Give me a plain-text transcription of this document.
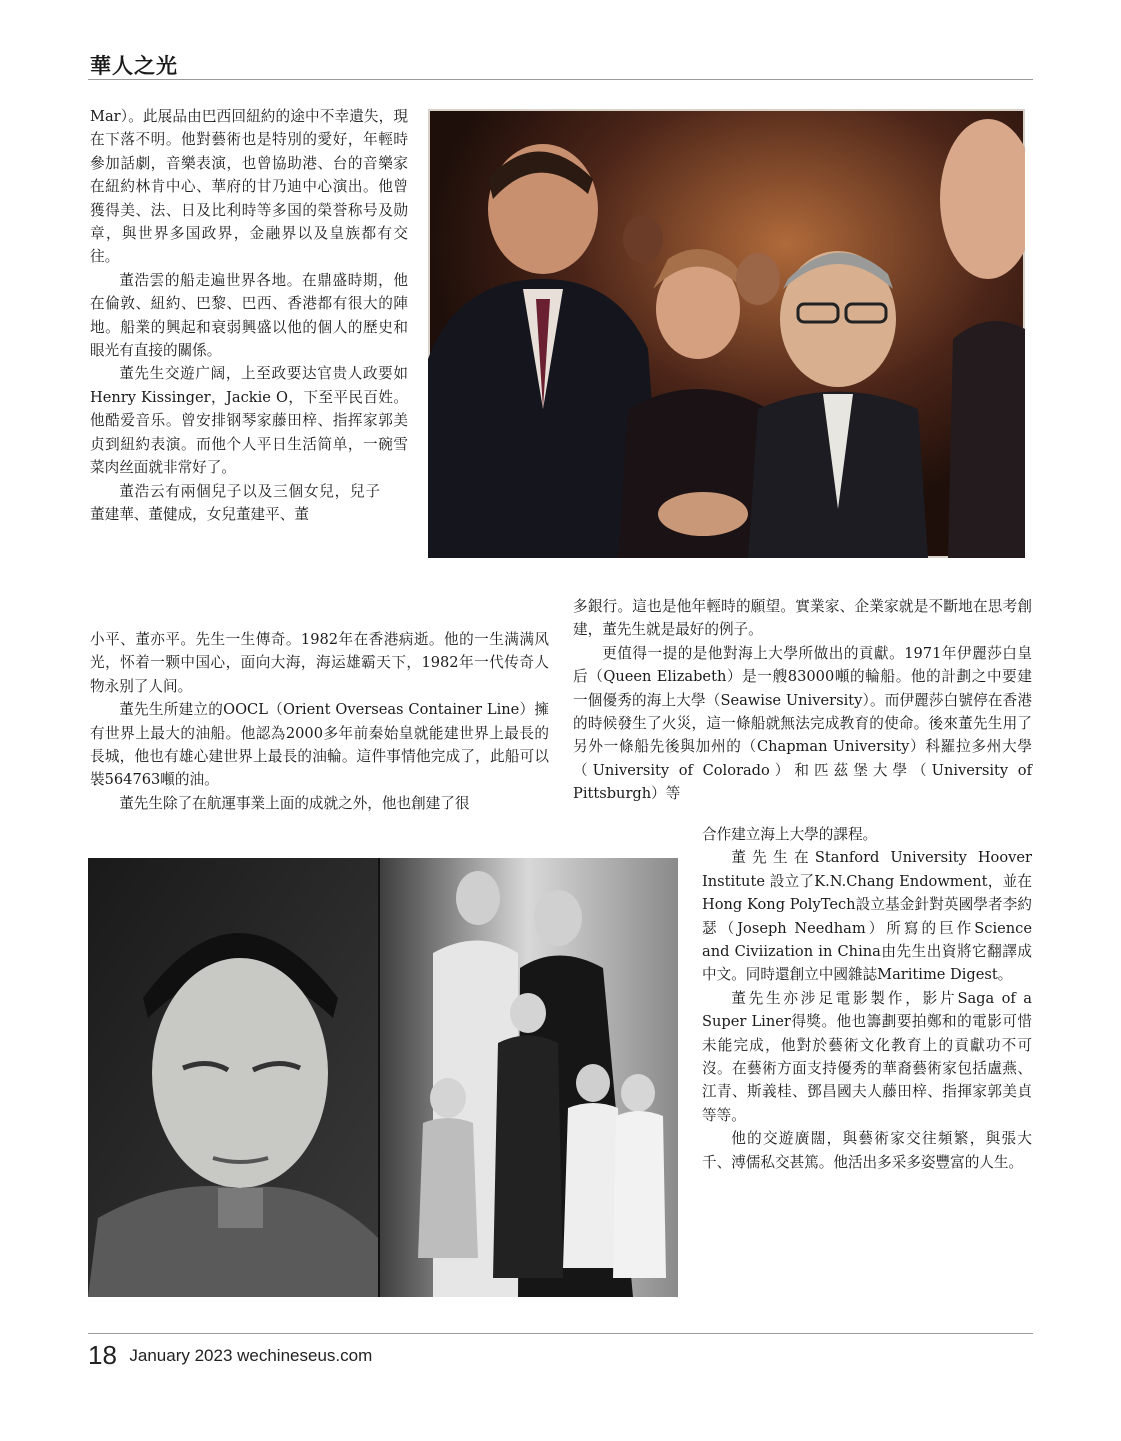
華人之光

Mar）。此展品由巴西回紐約的途中不幸遺失，現在下落不明。他對藝術也是特別的愛好，年輕時參加話劇，音樂表演，也曾協助港、台的音樂家在紐約林肯中心、華府的甘乃迪中心演出。他曾獲得美、法、日及比利時等多国的榮誉称号及勋章，與世界多国政界，金融界以及皇族都有交往。

董浩雲的船走遍世界各地。在鼎盛時期，他在倫敦、紐約、巴黎、巴西、香港都有很大的陣地。船業的興起和衰弱興盛以他的個人的歷史和眼光有直接的關係。

董先生交遊广阔，上至政要达官贵人政要如Henry Kissinger，Jackie O，下至平民百姓。他酷爱音乐。曾安排钢琴家藤田梓、指挥家郭美贞到紐約表演。而他个人平日生活简单，一碗雪菜肉丝面就非常好了。

董浩云有兩個兒子以及三個女兒，兒子董建華、董健成，女兒董建平、董

小平、董亦平。先生一生傳奇。1982年在香港病逝。他的一生满满风光，怀着一颗中国心，面向大海，海运雄霸天下，1982年一代传奇人物永别了人间。

董先生所建立的OOCL（Orient Overseas Container Line）擁有世界上最大的油船。他認為2000多年前秦始皇就能建世界上最長的長城，他也有雄心建世界上最長的油輪。這件事情他完成了，此船可以裝564763噸的油。

董先生除了在航運事業上面的成就之外，他也創建了很

多銀行。這也是他年輕時的願望。實業家、企業家就是不斷地在思考創建，董先生就是最好的例子。

更值得一提的是他對海上大學所做出的貢獻。1971年伊麗莎白皇后（Queen Elizabeth）是一艘83000噸的輪船。他的計劃之中要建一個優秀的海上大學（Seawise University）。而伊麗莎白號停在香港的時候發生了火災，這一條船就無法完成教育的使命。後來董先生用了另外一條船先後與加州的（Chapman University）科羅拉多州大學（University of Colorado）和匹茲堡大學（University of Pittsburgh）等

合作建立海上大學的課程。

董先生在Stanford University Hoover Institute 設立了K.N.Chang Endowment，並在Hong Kong PolyTech設立基金針對英國學者李約瑟（Joseph Needham）所寫的巨作Science and Civiization in China由先生出資將它翻譯成中文。同時還創立中國雜誌Maritime Digest。

董先生亦涉足電影製作，影片Saga of a Super Liner得獎。他也籌劃要拍鄭和的電影可惜未能完成，他對於藝術文化教育上的貢獻功不可沒。在藝術方面支持優秀的華裔藝術家包括盧燕、江青、斯義桂、鄧昌國夫人藤田梓、指揮家郭美貞等等。

他的交遊廣闊，與藝術家交往頻繁，與張大千、溥儒私交甚篤。他活出多采多姿豐富的人生。

18 January 2023 wechineseus.com
